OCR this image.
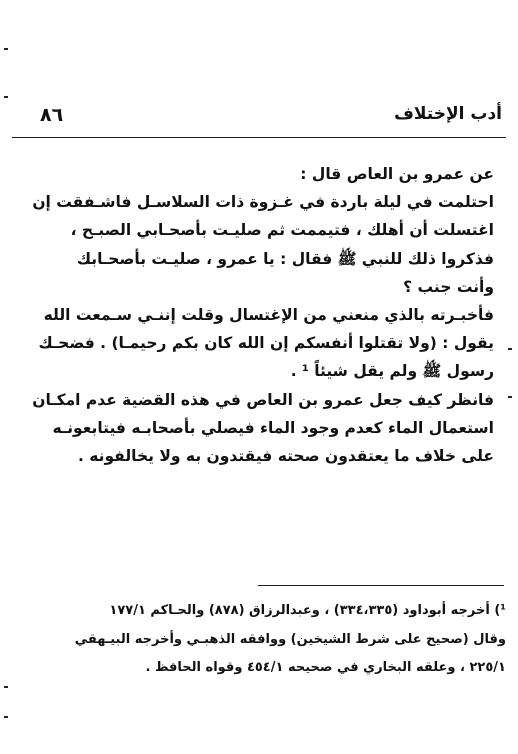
٨٦	أدب الإختلاف
عن عمرو بن العاص قال :
احتلمت في ليلة باردة في غـزوة ذات السلاسـل فاشـفقت إن
اغتسلت أن أهلك ، فتيممت ثم صليـت بأصحـابي الصبـح ،
فذكروا ذلك للنبي ﷺ فقال : يا عمرو ، صليـت بأصحـابك
وأنت جنب ؟
فأخبـرته بالذي منعني من الإغتسال وقلت إننـي سـمعت الله
يقول : (ولا تقتلوا أنفسكم إن الله كان بكم رحيمـا) . فضحـك
رسول ﷺ ولم يقل شيئاً ¹ .
فانظر كيف جعل عمرو بن العاص في هذه القضية عدم امكـان
استعمال الماء كعدم وجود الماء فيصلي بأصحابـه فيتابعونـه
على خلاف ما يعتقدون صحته فيقتدون به ولا يخالفونه .
¹) أخرجه أبوداود (٣٣٤،٣٣٥) ، وعبدالرزاق (٨٧٨) والحـاكم ١٧٧/١
وقال (صحيح على شرط الشيخين) ووافقه الذهبـي وأخرجه البيـهقي
٢٢٥/١ ، وعلقه البخاري في صحيحه ٤٥٤/١ وقواه الحافظ .
